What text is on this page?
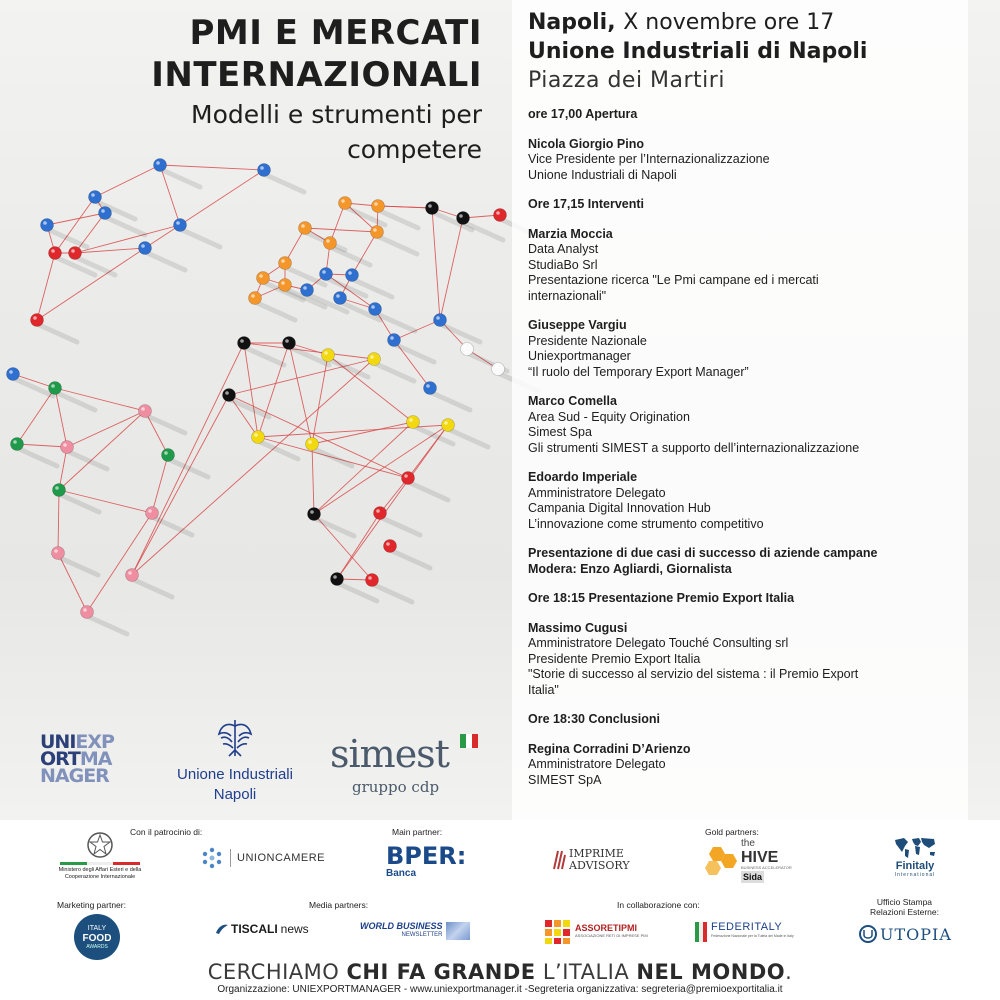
PMI E MERCATI
INTERNAZIONALI
Modelli e strumenti per
competere
Napoli, X novembre ore 17
Unione Industriali di Napoli
Piazza dei Martiri
ore 17,00 Apertura
Nicola Giorgio Pino
Vice Presidente per l’Internazionalizzazione
Unione Industriali di Napoli
Ore 17,15 Interventi
Marzia Moccia
Data Analyst
StudiaBo Srl
Presentazione ricerca "Le Pmi campane ed i mercati
internazionali"
Giuseppe Vargiu
Presidente Nazionale
Uniexportmanager
“Il ruolo del Temporary Export Manager”
Marco Comella
Area Sud - Equity Origination
Simest Spa
Gli strumenti SIMEST a supporto dell’internazionalizzazione
Edoardo Imperiale
Amministratore Delegato
Campania Digital Innovation Hub
L’innovazione come strumento competitivo
Presentazione di due casi di successo di aziende campane
Modera: Enzo Agliardi, Giornalista
Ore 18:15 Presentazione Premio Export Italia
Massimo Cugusi
Amministratore Delegato Touché Consulting srl
Presidente Premio Export Italia
"Storie di successo al servizio del sistema : il Premio Export
Italia"
Ore 18:30 Conclusioni
Regina Corradini D’Arienzo
Amministratore Delegato
SIMEST SpA
UNIEXP
ORTMA
NAGER	Unione Industriali
Napoli
simest
gruppo cdp
Con il patrocinio di:	Main partner:	Gold partners:
Ministero degli Affari Esteri e della Cooperazione Internazionale
UNIONCAMERE	BPER:
Banca
IMPRIME
ADVISORY
the
HIVE
BUSINESS ACCELERATOR
Sida
Finitaly
International
Marketing partner:	Media partners:	In collaborazione con:	Ufficio Stampa
Relazioni Esterne:
ITALY
FOOD
AWARDS
TISCALI news	WORLD BUSINESS
NEWSLETTER
ASSORETIPMI
ASSOCIAZIONE RETI DI IMPRESE PMI
FEDERITALY
Federazione Nazionale per la Tutela del Made in Italy	UTOPIA
CERCHIAMO CHI FA GRANDE L’ITALIA NEL MONDO.
Organizzazione: UNIEXPORTMANAGER - www.uniexportmanager.it -Segreteria organizzativa: segreteria@premioexportitalia.it
